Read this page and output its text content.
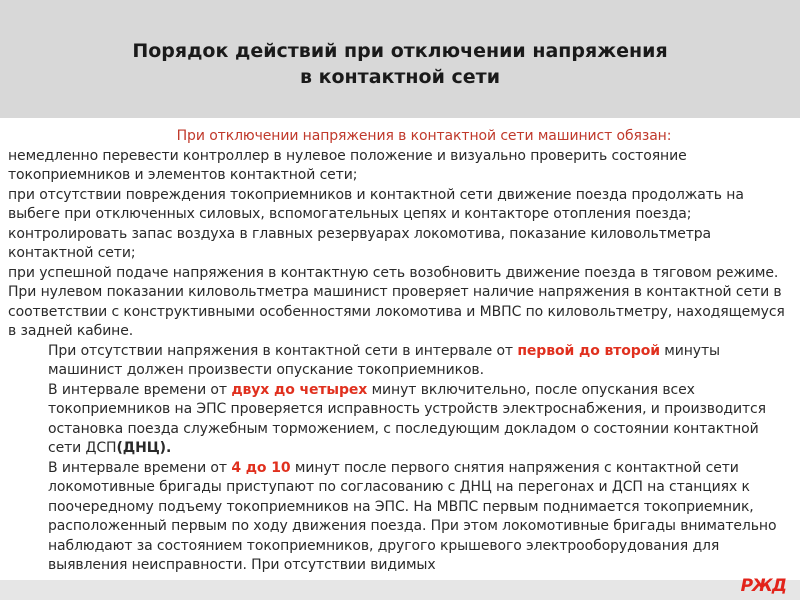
Порядок действий при отключении напряжения
в контактной сети
При отключении напряжения в контактной сети машинист обязан:
немедленно перевести контроллер в нулевое положение и визуально проверить состояние токоприемников и элементов контактной сети;
при отсутствии повреждения токоприемников и контактной сети движение поезда продолжать на выбеге при отключенных силовых, вспомогательных цепях и контакторе отопления поезда;
контролировать запас воздуха в главных резервуарах локомотива, показание киловольтметра контактной сети;
при успешной подаче напряжения в контактную сеть возобновить движение поезда в тяговом режиме.
При нулевом показании киловольтметра машинист проверяет наличие напряжения в контактной сети в соответствии с конструктивными особенностями локомотива и МВПС по киловольтметру, находящемуся в задней кабине.
При отсутствии напряжения в контактной сети в интервале от первой до второй минуты машинист должен произвести опускание токоприемников.
В интервале времени от двух до четырех минут включительно, после опускания всех токоприемников на ЭПС проверяется исправность устройств электроснабжения, и производится остановка поезда служебным торможением, с последующим докладом о состоянии контактной сети ДСП(ДНЦ).
В интервале времени от 4 до 10 минут после первого снятия напряжения с контактной сети локомотивные бригады приступают по согласованию с ДНЦ на перегонах и ДСП на станциях к поочередному подъему токоприемников на ЭПС. На МВПС первым поднимается токоприемник, расположенный первым по ходу движения поезда. При этом локомотивные бригады внимательно наблюдают за состоянием токоприемников, другого крышевого электрооборудования для выявления неисправности. При отсутствии видимых
РЖД
